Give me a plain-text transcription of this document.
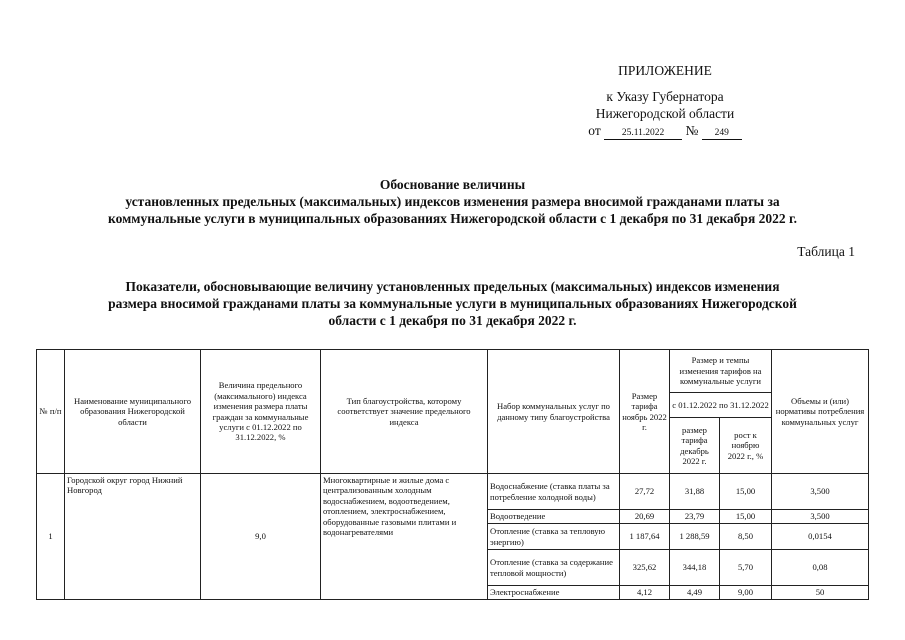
ПРИЛОЖЕНИЕ
к Указу Губернатора
Нижегородской области
от 25.11.2022 № 249
Обоснование величины
установленных предельных (максимальных) индексов изменения размера вносимой гражданами платы за
коммунальные услуги в муниципальных образованиях Нижегородской области с 1 декабря по 31 декабря 2022 г.
Таблица 1
Показатели, обосновывающие величину установленных предельных (максимальных) индексов изменения
размера вносимой гражданами платы за коммунальные услуги в муниципальных образованиях Нижегородской
области с 1 декабря по 31 декабря 2022 г.
№ п/п	Наименование муниципального образования Нижегородской области	Величина предельного (максимального) индекса изменения размера платы граждан за коммунальные услуги с 01.12.2022 по 31.12.2022, %	Тип благоустройства, которому соответствует значение предельного индекса	Набор коммунальных услуг по данному типу благоустройства	Размер тарифа ноябрь 2022 г.	Размер и темпы изменения тарифов на коммунальные услуги		Объемы и (или) нормативы потребления коммунальных услуг
						с 01.12.2022 по 31.12.2022		
						размер тарифа декабрь 2022 г.	рост к ноябрю 2022 г., %	
1	Городской округ город Нижний Новгород	9,0	Многоквартирные и жилые дома с централизованным холодным водоснабжением, водоотведением, отоплением, электроснабжением, оборудованные газовыми плитами и водонагревателями	Водоснабжение (ставка платы за потребление холодной воды)	27,72	31,88	15,00	3,500
				Водоотведение	20,69	23,79	15,00	3,500
				Отопление (ставка за тепловую энергию)	1 187,64	1 288,59	8,50	0,0154
				Отопление (ставка за содержание тепловой мощности)	325,62	344,18	5,70	0,08
				Электроснабжение	4,12	4,49	9,00	50
